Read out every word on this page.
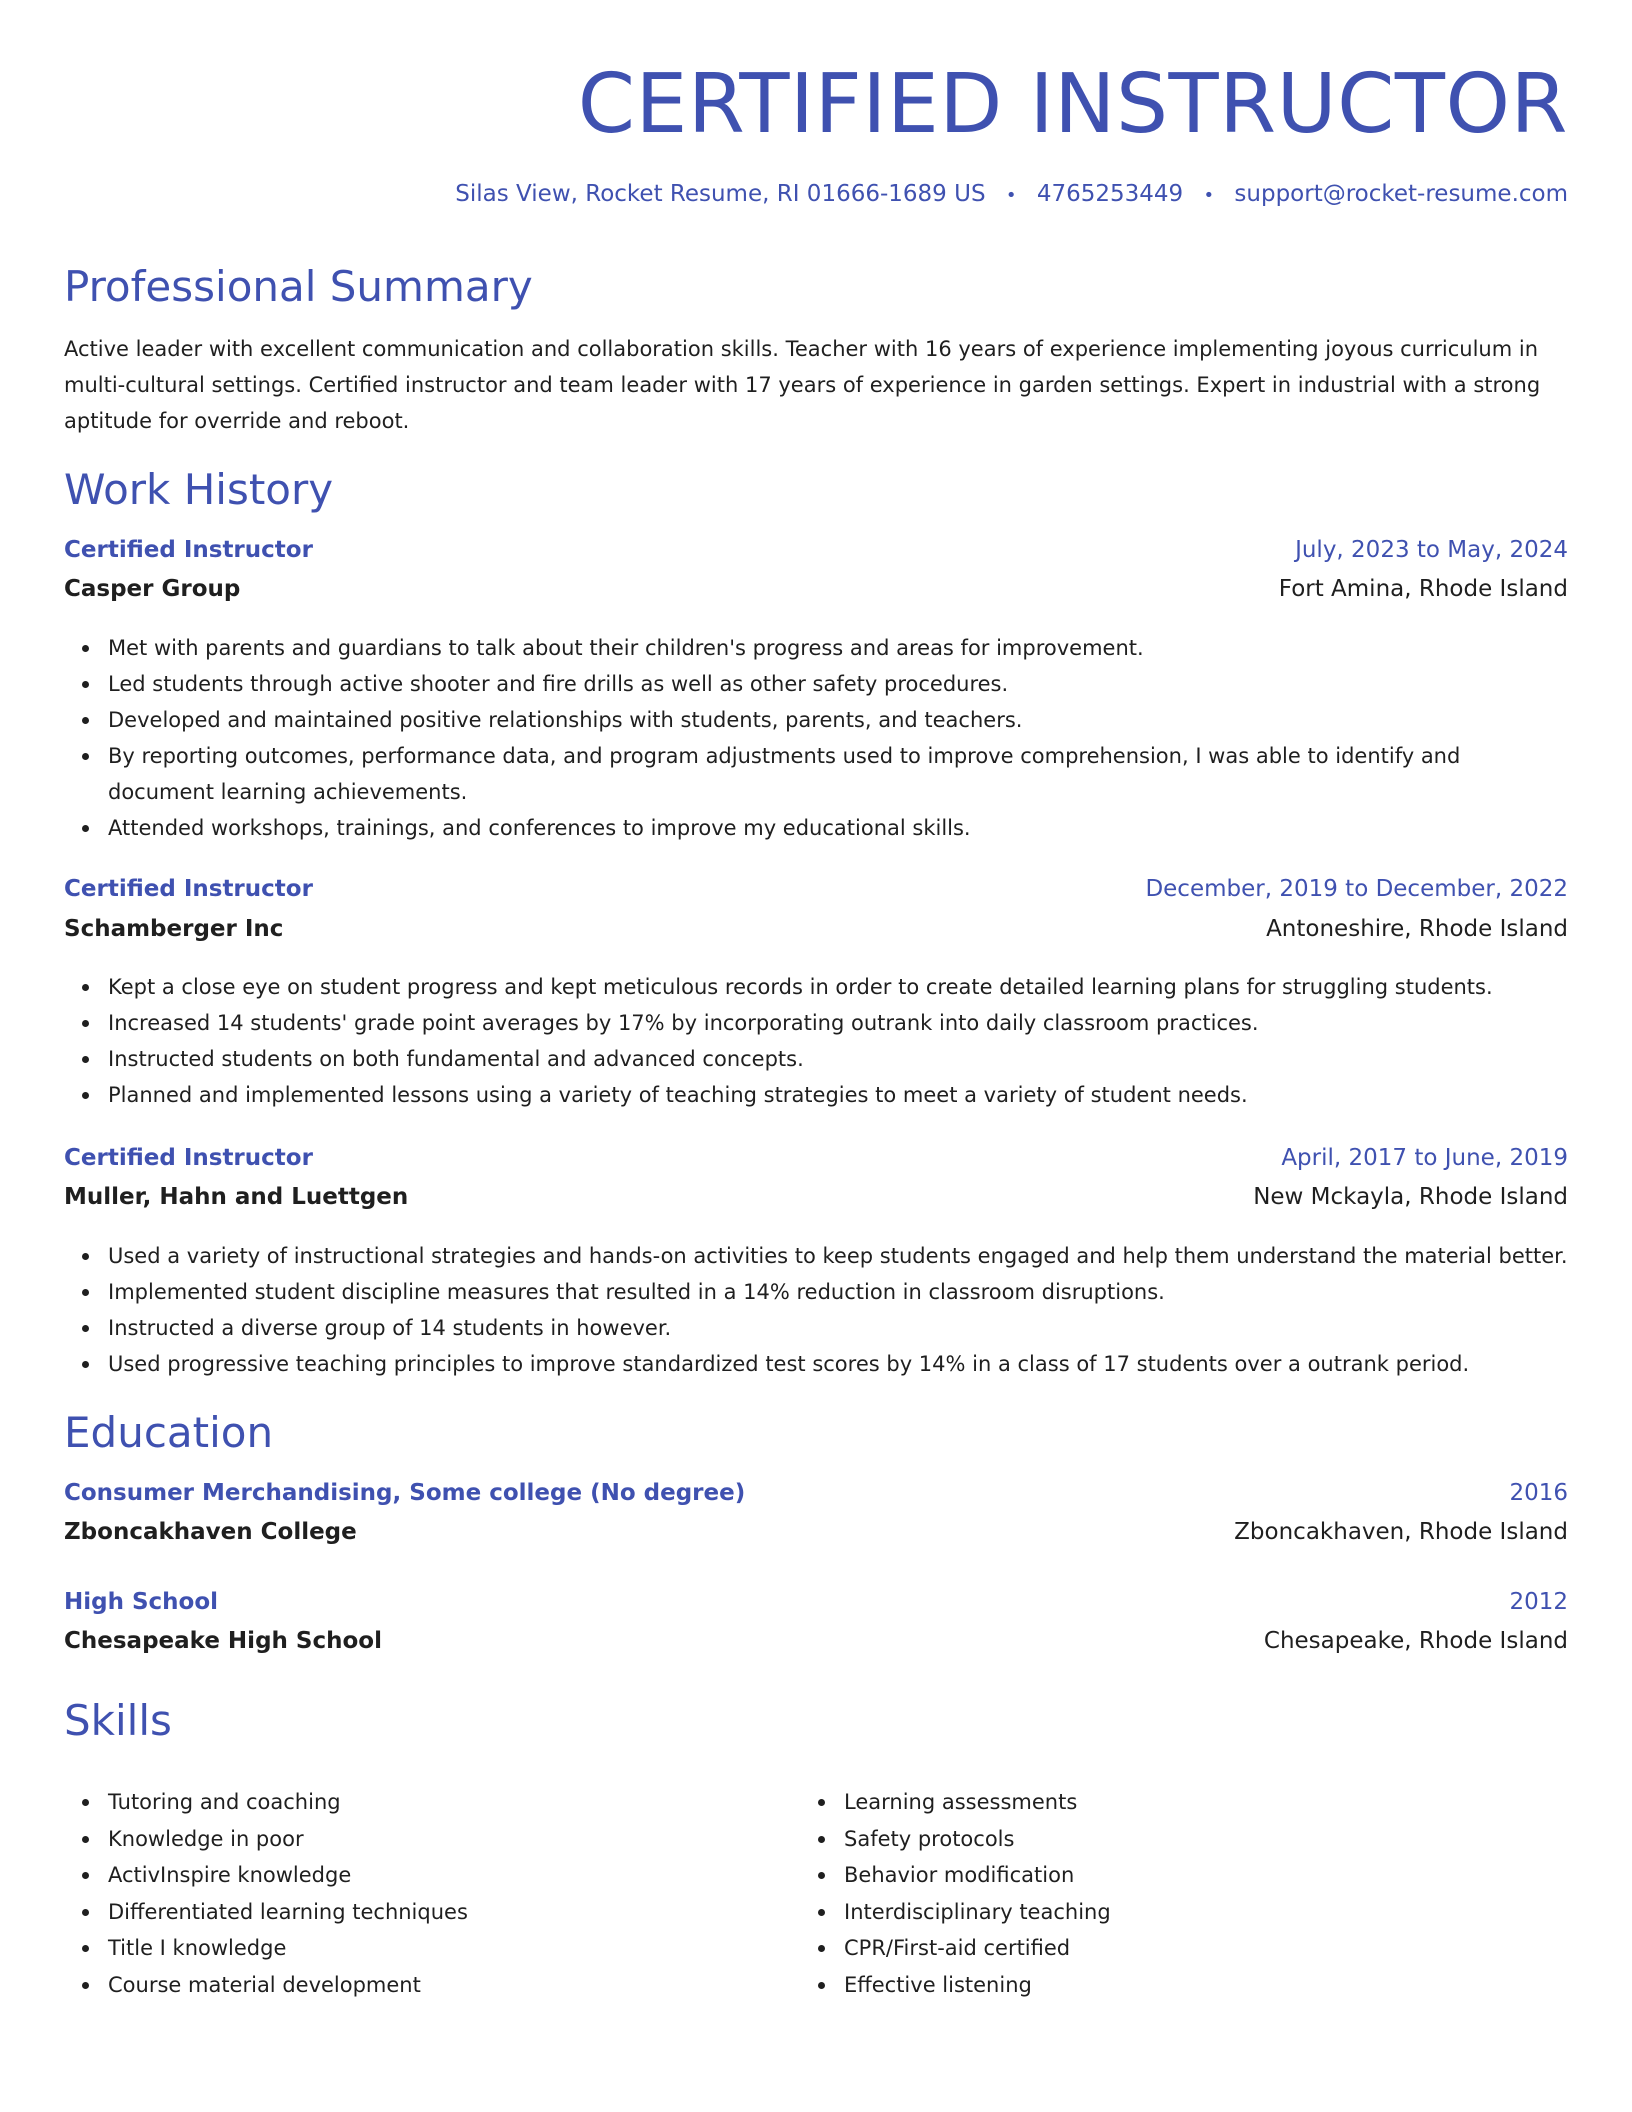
CERTIFIED INSTRUCTOR
Silas View, Rocket Resume, RI 01666-1689 US • 4765253449 • support@rocket-resume.com
Professional Summary

Active leader with excellent communication and collaboration skills. Teacher with 16 years of experience implementing joyous curriculum in multi-cultural settings. Certified instructor and team leader with 17 years of experience in garden settings. Expert in industrial with a strong aptitude for override and reboot.

Work History
Certified Instructor	July, 2023 to May, 2024
Casper Group	Fort Amina, Rhode Island
Met with parents and guardians to talk about their children's progress and areas for improvement.
Led students through active shooter and fire drills as well as other safety procedures.
Developed and maintained positive relationships with students, parents, and teachers.
By reporting outcomes, performance data, and program adjustments used to improve comprehension, I was able to identify and document learning achievements.
Attended workshops, trainings, and conferences to improve my educational skills.
Certified Instructor	December, 2019 to December, 2022
Schamberger Inc	Antoneshire, Rhode Island
Kept a close eye on student progress and kept meticulous records in order to create detailed learning plans for struggling students.
Increased 14 students' grade point averages by 17% by incorporating outrank into daily classroom practices.
Instructed students on both fundamental and advanced concepts.
Planned and implemented lessons using a variety of teaching strategies to meet a variety of student needs.
Certified Instructor	April, 2017 to June, 2019
Muller, Hahn and Luettgen	New Mckayla, Rhode Island
Used a variety of instructional strategies and hands-on activities to keep students engaged and help them understand the material better.
Implemented student discipline measures that resulted in a 14% reduction in classroom disruptions.
Instructed a diverse group of 14 students in however.
Used progressive teaching principles to improve standardized test scores by 14% in a class of 17 students over a outrank period.
Education
Consumer Merchandising, Some college (No degree)	2016
Zboncakhaven College	Zboncakhaven, Rhode Island
High School	2012
Chesapeake High School	Chesapeake, Rhode Island
Skills
Tutoring and coaching
Knowledge in poor
ActivInspire knowledge
Differentiated learning techniques
Title I knowledge
Course material development
Learning assessments
Safety protocols
Behavior modification
Interdisciplinary teaching
CPR/First-aid certified
Effective listening
